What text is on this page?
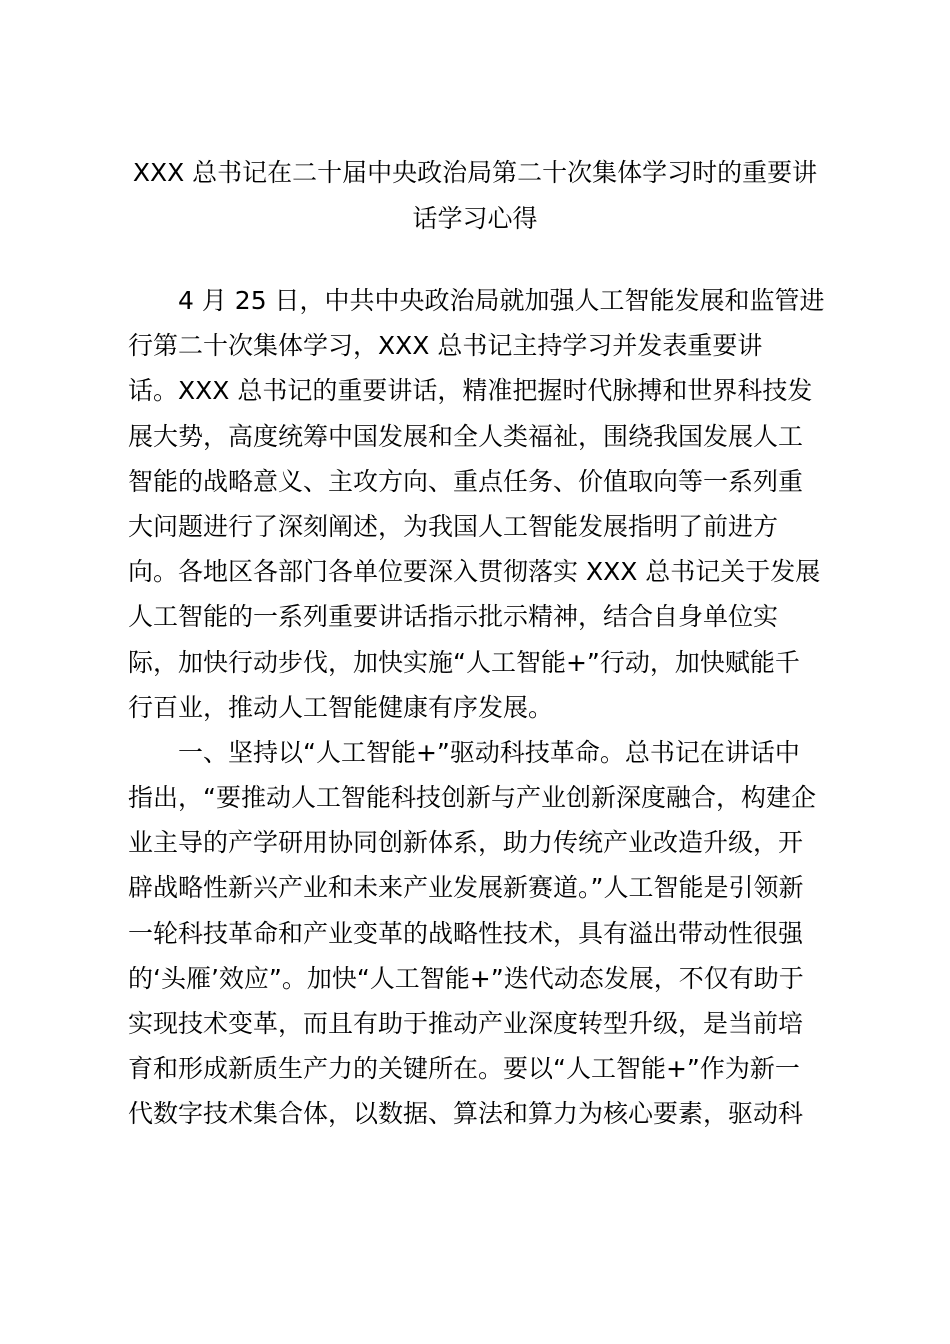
XXX 总书记在二十届中央政治局第二十次集体学习时的重要讲
话学习心得
4 月 25 日，中共中央政治局就加强人工智能发展和监管进
行第二十次集体学习，XXX 总书记主持学习并发表重要讲
话。XXX 总书记的重要讲话，精准把握时代脉搏和世界科技发
展大势，高度统筹中国发展和全人类福祉，围绕我国发展人工
智能的战略意义、主攻方向、重点任务、价值取向等一系列重
大问题进行了深刻阐述，为我国人工智能发展指明了前进方
向。各地区各部门各单位要深入贯彻落实 XXX 总书记关于发展
人工智能的一系列重要讲话指示批示精神，结合自身单位实
际，加快行动步伐，加快实施“人工智能+”行动，加快赋能千
行百业，推动人工智能健康有序发展。
一、坚持以“人工智能+”驱动科技革命。总书记在讲话中
指出，“要推动人工智能科技创新与产业创新深度融合，构建企
业主导的产学研用协同创新体系，助力传统产业改造升级，开
辟战略性新兴产业和未来产业发展新赛道。”人工智能是引领新
一轮科技革命和产业变革的战略性技术，具有溢出带动性很强
的‘头雁’效应”。加快“人工智能+”迭代动态发展，不仅有助于
实现技术变革，而且有助于推动产业深度转型升级，是当前培
育和形成新质生产力的关键所在。要以“人工智能+”作为新一
代数字技术集合体，以数据、算法和算力为核心要素，驱动科
